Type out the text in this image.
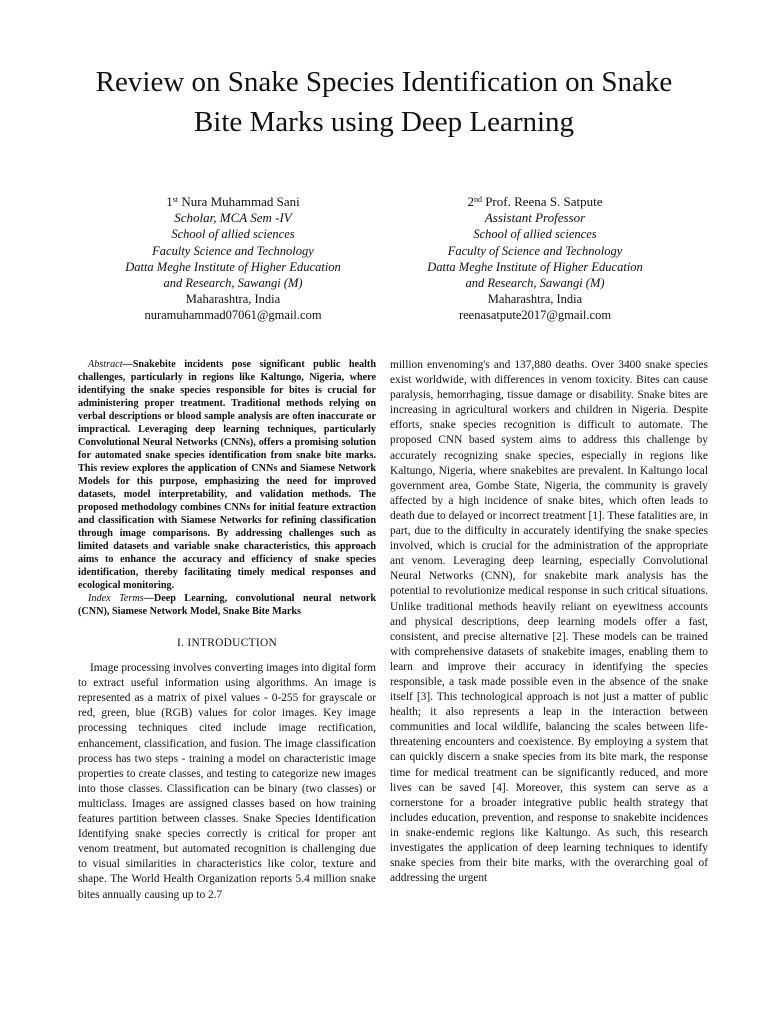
Review on Snake Species Identification on Snake
Bite Marks using Deep Learning
1st Nura Muhammad Sani
Scholar, MCA Sem -IV
School of allied sciences
Faculty Science and Technology
Datta Meghe Institute of Higher Education
and Research, Sawangi (M)
Maharashtra, India
nuramuhammad07061@gmail.com
2nd Prof. Reena S. Satpute
Assistant Professor
School of allied sciences
Faculty of Science and Technology
Datta Meghe Institute of Higher Education
and Research, Sawangi (M)
Maharashtra, India
reenasatpute2017@gmail.com

Abstract—Snakebite incidents pose significant public health challenges, particularly in regions like Kaltungo, Nigeria, where identifying the snake species responsible for bites is crucial for administering proper treatment. Traditional methods relying on verbal descriptions or blood sample analysis are often inaccurate or impractical. Leveraging deep learning techniques, particularly Convolutional Neural Networks (CNNs), offers a promising solution for automated snake species identification from snake bite marks. This review explores the application of CNNs and Siamese Network Models for this purpose, emphasizing the need for improved datasets, model interpretability, and validation methods. The proposed methodology combines CNNs for initial feature extraction and classification with Siamese Networks for refining classification through image comparisons. By addressing challenges such as limited datasets and variable snake characteristics, this approach aims to enhance the accuracy and efficiency of snake species identification, thereby facilitating timely medical responses and ecological monitoring.

Index Terms—Deep Learning, convolutional neural network (CNN), Siamese Network Model, Snake Bite Marks

I. INTRODUCTION

Image processing involves converting images into digital form to extract useful information using algorithms. An image is represented as a matrix of pixel values - 0-255 for grayscale or red, green, blue (RGB) values for color images. Key image processing techniques cited include image rectification, enhancement, classification, and fusion. The image classification process has two steps - training a model on characteristic image properties to create classes, and testing to categorize new images into those classes. Classification can be binary (two classes) or multiclass. Images are assigned classes based on how training features partition between classes. Snake Species Identification Identifying snake species correctly is critical for proper ant venom treatment, but automated recognition is challenging due to visual similarities in characteristics like color, texture and shape. The World Health Organization reports 5.4 million snake bites annually causing up to 2.7

million envenoming's and 137,880 deaths. Over 3400 snake species exist worldwide, with differences in venom toxicity. Bites can cause paralysis, hemorrhaging, tissue damage or disability. Snake bites are increasing in agricultural workers and children in Nigeria. Despite efforts, snake species recognition is difficult to automate. The proposed CNN based system aims to address this challenge by accurately recognizing snake species, especially in regions like Kaltungo, Nigeria, where snakebites are prevalent. In Kaltungo local government area, Gombe State, Nigeria, the community is gravely affected by a high incidence of snake bites, which often leads to death due to delayed or incorrect treatment [1]. These fatalities are, in part, due to the difficulty in accurately identifying the snake species involved, which is crucial for the administration of the appropriate ant venom. Leveraging deep learning, especially Convolutional Neural Networks (CNN), for snakebite mark analysis has the potential to revolutionize medical response in such critical situations. Unlike traditional methods heavily reliant on eyewitness accounts and physical descriptions, deep learning models offer a fast, consistent, and precise alternative [2]. These models can be trained with comprehensive datasets of snakebite images, enabling them to learn and improve their accuracy in identifying the species responsible, a task made possible even in the absence of the snake itself [3]. This technological approach is not just a matter of public health; it also represents a leap in the interaction between communities and local wildlife, balancing the scales between life-threatening encounters and coexistence. By employing a system that can quickly discern a snake species from its bite mark, the response time for medical treatment can be significantly reduced, and more lives can be saved [4]. Moreover, this system can serve as a cornerstone for a broader integrative public health strategy that includes education, prevention, and response to snakebite incidences in snake-endemic regions like Kaltungo. As such, this research investigates the application of deep learning techniques to identify snake species from their bite marks, with the overarching goal of addressing the urgent
